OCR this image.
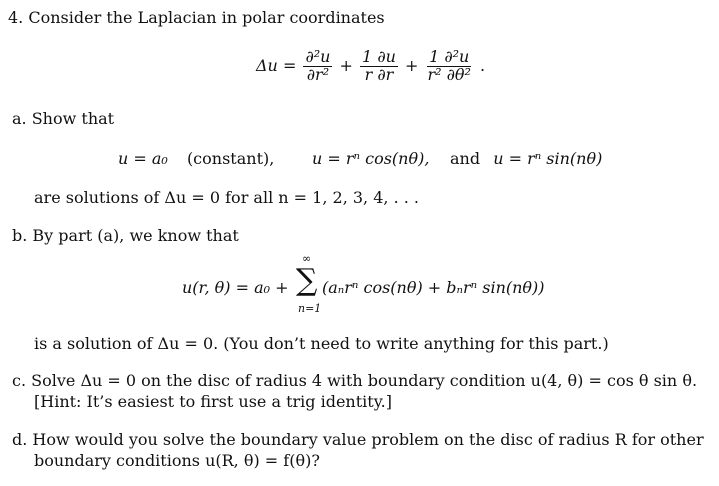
4. Consider the Laplacian in polar coordinates
$\Delta u = \frac{\text{∂²u}}{\text{∂r²}} + \frac{1 \partial u}{r \partial r} + \frac{\text{1 ∂²u}}{\text{r² ∂θ²}}$ .
a. Show that
u = a₀ (constant), u = rⁿ cos(nθ), and u = rⁿ sin(nθ)
are solutions of Δu = 0 for all n = 1, 2, 3, 4, . . .
b. By part (a), we know that
u(r, θ) = a₀ +
∞
∑
n=1
(aₙrⁿ cos(nθ) + bₙrⁿ sin(nθ))
is a solution of Δu = 0. (You don’t need to write anything for this part.)
c. Solve Δu = 0 on the disc of radius 4 with boundary condition u(4, θ) = cos θ sin θ.
[Hint: It’s easiest to first use a trig identity.]
d. How would you solve the boundary value problem on the disc of radius R for other
boundary conditions u(R, θ) = f(θ)?
